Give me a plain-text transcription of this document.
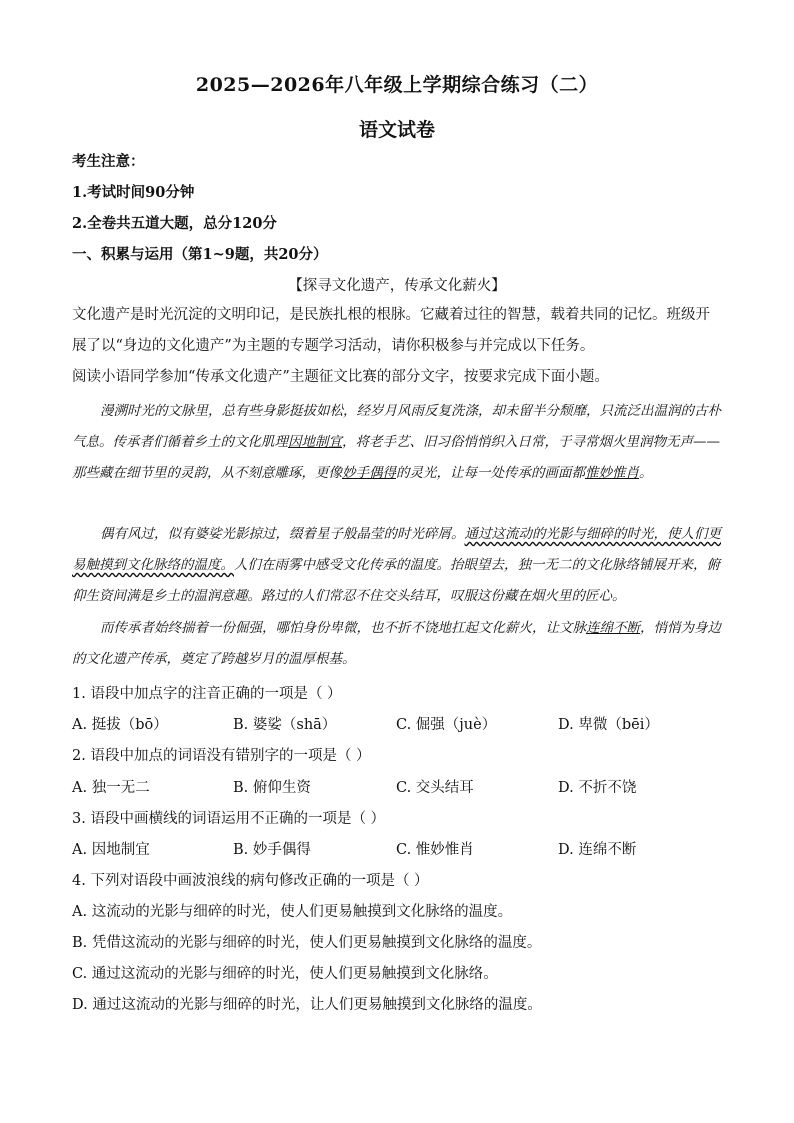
2025—2026年八年级上学期综合练习（二）
语文试卷
考生注意：
1.考试时间90分钟
2.全卷共五道大题，总分120分
一、积累与运用（第1~9题，共20分）
【探寻文化遗产，传承文化薪火】
文化遗产是时光沉淀的文明印记，是民族扎根的根脉。它藏着过往的智慧，载着共同的记忆。班级开展了以“身边的文化遗产”为主题的专题学习活动，请你积极参与并完成以下任务。
阅读小语同学参加“传承文化遗产”主题征文比赛的部分文字，按要求完成下面小题。
漫溯时光的文脉里，总有些身影挺拔如松，经岁月风雨反复洗涤，却未留半分颓靡，只流泛出温润的古朴气息。传承者们循着乡土的文化肌理因地制宜，将老手艺、旧习俗悄悄织入日常，于寻常烟火里润物无声——那些藏在细节里的灵韵，从不刻意雕琢，更像妙手偶得的灵光，让每一处传承的画面都惟妙惟肖。
偶有风过，似有婆娑光影掠过，缀着星子般晶莹的时光碎屑。通过这流动的光影与细碎的时光，使人们更易触摸到文化脉络的温度。人们在雨雾中感受文化传承的温度。抬眼望去，独一无二的文化脉络铺展开来，俯仰生资间满是乡土的温润意趣。路过的人们常忍不住交头结耳，叹服这份藏在烟火里的匠心。
而传承者始终揣着一份倔强，哪怕身份卑微，也不折不饶地扛起文化薪火，让文脉连绵不断，悄悄为身边的文化遗产传承，奠定了跨越岁月的温厚根基。
1. 语段中加点字的注音正确的一项是（ ）
A. 挺拔（bō）	B. 婆娑（shā）	C. 倔强（juè）	D. 卑微（bēi）
2. 语段中加点的词语没有错别字的一项是（ ）
A. 独一无二	B. 俯仰生资	C. 交头结耳	D. 不折不饶
3. 语段中画横线的词语运用不正确的一项是（ ）
A. 因地制宜	B. 妙手偶得	C. 惟妙惟肖	D. 连绵不断
4. 下列对语段中画波浪线的病句修改正确的一项是（ ）
A. 这流动的光影与细碎的时光，使人们更易触摸到文化脉络的温度。
B. 凭借这流动的光影与细碎的时光，使人们更易触摸到文化脉络的温度。
C. 通过这流动的光影与细碎的时光，使人们更易触摸到文化脉络。
D. 通过这流动的光影与细碎的时光，让人们更易触摸到文化脉络的温度。
